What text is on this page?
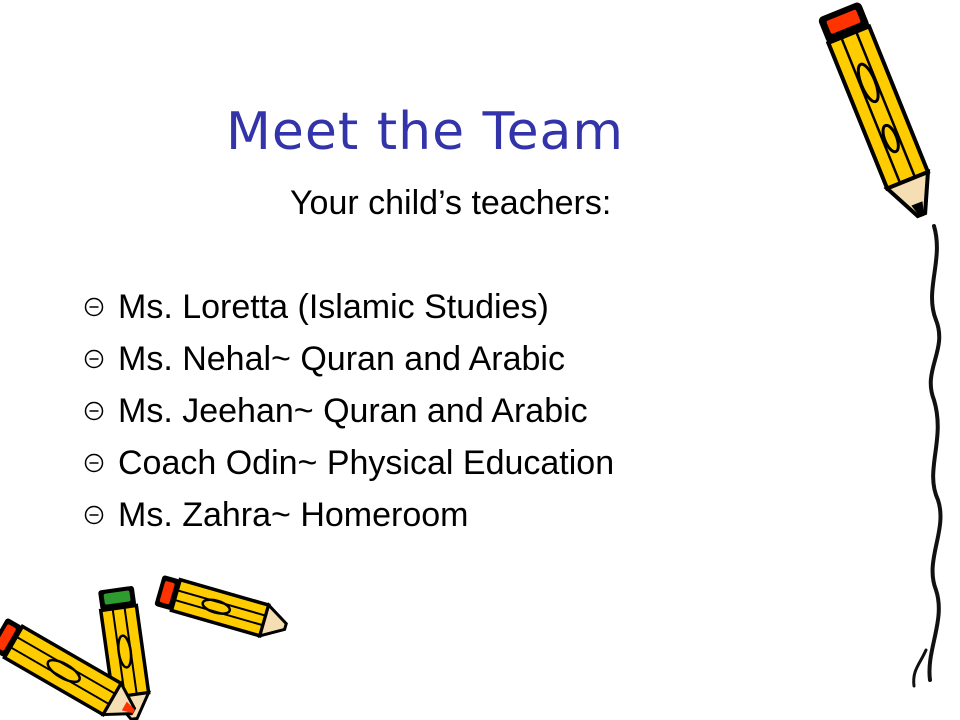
Meet the Team
Your child’s teachers:
Ms. Loretta (Islamic Studies)
Ms. Nehal~ Quran and Arabic
Ms. Jeehan~ Quran and Arabic
Coach Odin~ Physical Education
Ms. Zahra~ Homeroom
